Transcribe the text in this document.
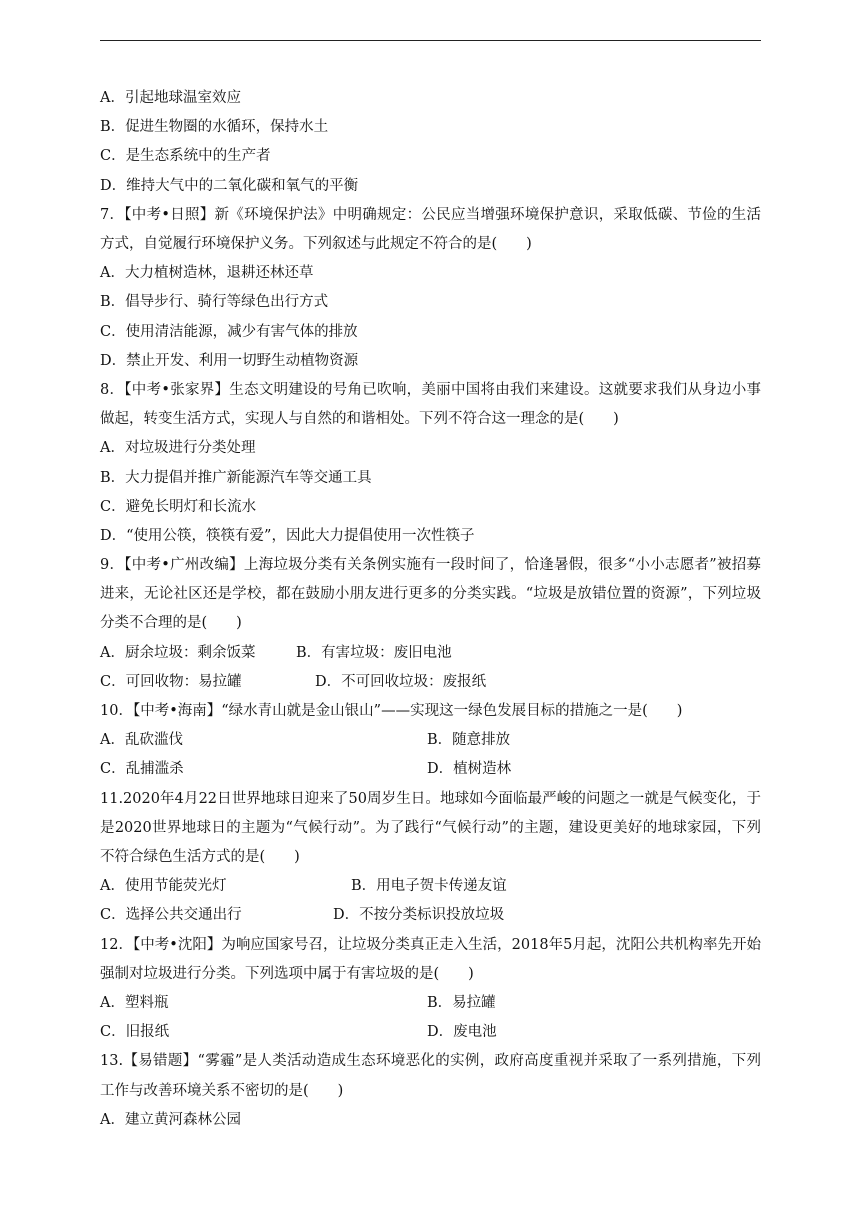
A．引起地球温室效应
B．促进生物圈的水循环，保持水土
C．是生态系统中的生产者
D．维持大气中的二氧化碳和氧气的平衡
7．【中考•日照】新《环境保护法》中明确规定：公民应当增强环境保护意识，采取低碳、节俭的生活方式，自觉履行环境保护义务。下列叙述与此规定不符合的是(　　)
A．大力植树造林，退耕还林还草
B．倡导步行、骑行等绿色出行方式
C．使用清洁能源，减少有害气体的排放
D．禁止开发、利用一切野生动植物资源
8．【中考•张家界】生态文明建设的号角已吹响，美丽中国将由我们来建设。这就要求我们从身边小事做起，转变生活方式，实现人与自然的和谐相处。下列不符合这一理念的是(　　)
A．对垃圾进行分类处理
B．大力提倡并推广新能源汽车等交通工具
C．避免长明灯和长流水
D．“使用公筷，筷筷有爱”，因此大力提倡使用一次性筷子
9．【中考•广州改编】上海垃圾分类有关条例实施有一段时间了，恰逢暑假，很多“小小志愿者”被招募进来，无论社区还是学校，都在鼓励小朋友进行更多的分类实践。“垃圾是放错位置的资源”，下列垃圾分类不合理的是(　　)
A．厨余垃圾：剩余饭菜	B．有害垃圾：废旧电池
C．可回收物：易拉罐	D．不可回收垃圾：废报纸
10．【中考•海南】“绿水青山就是金山银山”——实现这一绿色发展目标的措施之一是(　　)
A．乱砍滥伐	B．随意排放
C．乱捕滥杀	D．植树造林
11.2020年4月22日世界地球日迎来了50周岁生日。地球如今面临最严峻的问题之一就是气候变化，于是2020世界地球日的主题为“气候行动”。为了践行“气候行动”的主题，建设更美好的地球家园，下列不符合绿色生活方式的是(　　)
A．使用节能荧光灯	B．用电子贺卡传递友谊
C．选择公共交通出行	D．不按分类标识投放垃圾
12．【中考•沈阳】为响应国家号召，让垃圾分类真正走入生活，2018年5月起，沈阳公共机构率先开始强制对垃圾进行分类。下列选项中属于有害垃圾的是(　　)
A．塑料瓶	B．易拉罐
C．旧报纸	D．废电池
13.【易错题】“雾霾”是人类活动造成生态环境恶化的实例，政府高度重视并采取了一系列措施，下列工作与改善环境关系不密切的是(　　)
A．建立黄河森林公园
